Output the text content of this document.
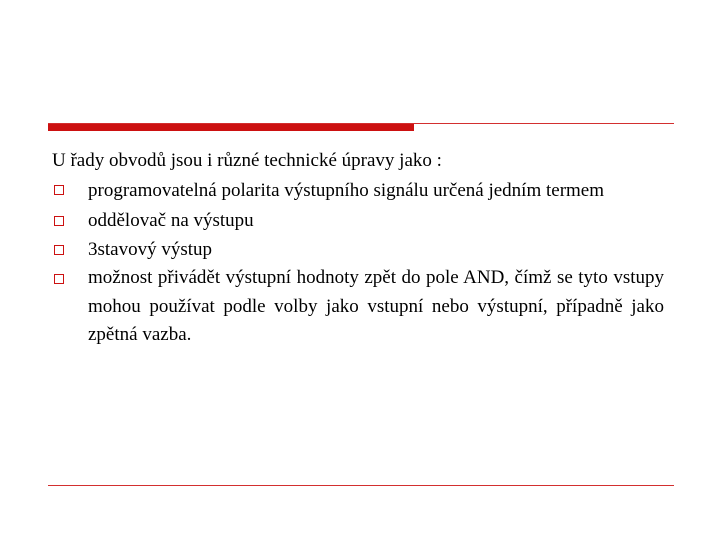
U řady obvodů jsou i různé technické úpravy jako :

programovatelná polarita výstupního signálu určená jedním termem
oddělovač na výstupu
3stavový výstup
možnost přivádět výstupní hodnoty zpět do pole AND, čímž se tyto vstupy mohou používat podle volby jako vstupní nebo výstupní, případně jako zpětná vazba.
